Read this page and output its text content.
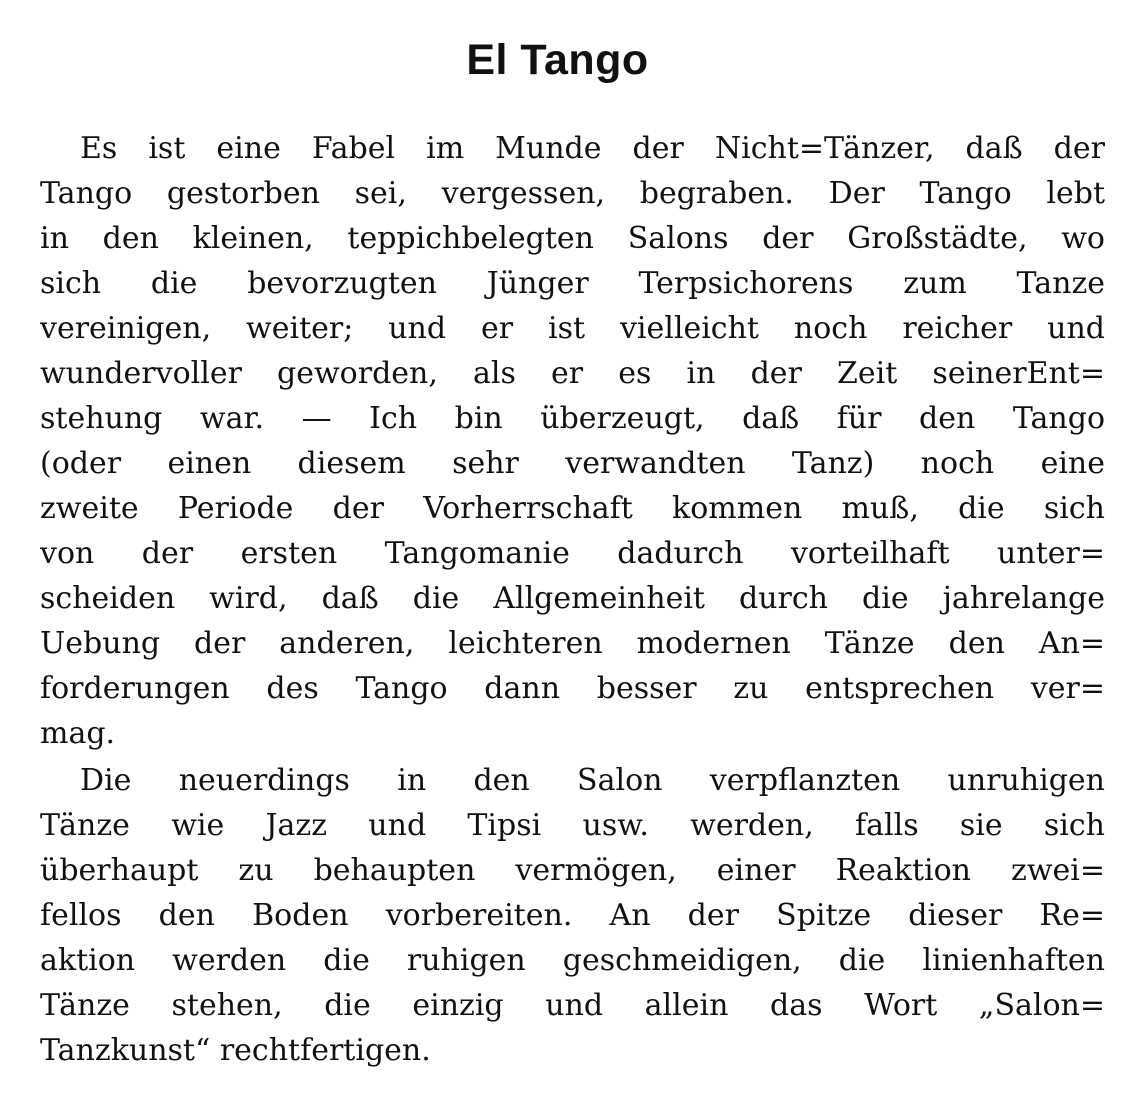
El Tango
Es ist eine Fabel im Munde der Nicht=Tänzer, daß der
Tango gestorben sei, vergessen, begraben. Der Tango lebt
in den kleinen, teppichbelegten Salons der Großstädte, wo
sich die bevorzugten Jünger Terpsichorens zum Tanze
vereinigen, weiter; und er ist vielleicht noch reicher und
wundervoller geworden, als er es in der Zeit seinerEnt=
stehung war. — Ich bin überzeugt, daß für den Tango
(oder einen diesem sehr verwandten Tanz) noch eine
zweite Periode der Vorherrschaft kommen muß, die sich
von der ersten Tangomanie dadurch vorteilhaft unter=
scheiden wird, daß die Allgemeinheit durch die jahrelange
Uebung der anderen, leichteren modernen Tänze den An=
forderungen des Tango dann besser zu entsprechen ver=
mag.
Die neuerdings in den Salon verpflanzten unruhigen
Tänze wie Jazz und Tipsi usw. werden, falls sie sich
überhaupt zu behaupten vermögen, einer Reaktion zwei=
fellos den Boden vorbereiten. An der Spitze dieser Re=
aktion werden die ruhigen geschmeidigen, die linienhaften
Tänze stehen, die einzig und allein das Wort „Salon=
Tanzkunst“ rechtfertigen.
